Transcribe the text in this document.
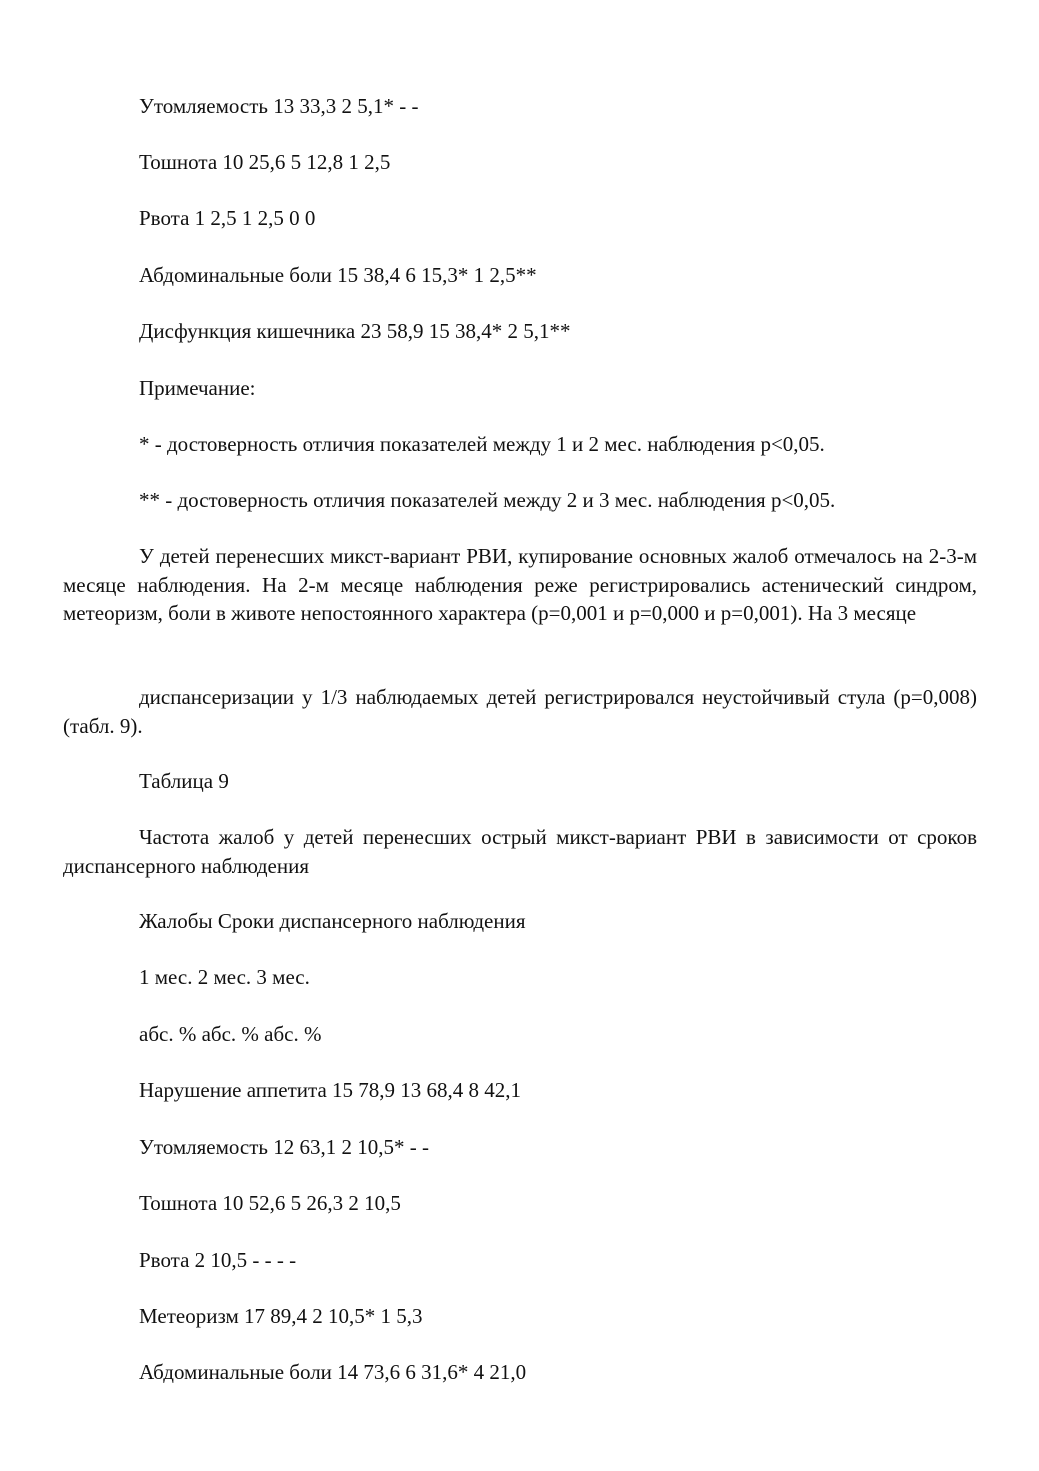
Утомляемость 13 33,3 2 5,1* - -
Тошнота 10 25,6 5 12,8 1 2,5
Рвота 1 2,5 1 2,5 0 0
Абдоминальные боли 15 38,4 6 15,3* 1 2,5**
Дисфункция кишечника 23 58,9 15 38,4* 2 5,1**
Примечание:
* - достоверность отличия показателей между 1 и 2 мес. наблюдения р<0,05.
** - достоверность отличия показателей между 2 и 3 мес. наблюдения р<0,05.
У детей перенесших микст-вариант РВИ, купирование основных жалоб отмечалось на 2-3-м месяце наблюдения. На 2-м месяце наблюдения реже регистрировались астенический синдром, метеоризм, боли в животе непостоянного характера (р=0,001 и р=0,000 и р=0,001). На 3 месяце
диспансеризации у 1/3 наблюдаемых детей регистрировался неустойчивый стула (р=0,008) (табл. 9).
Таблица 9
Частота жалоб у детей перенесших острый микст-вариант РВИ в зависимости от сроков диспансерного наблюдения
Жалобы Сроки диспансерного наблюдения
1 мес. 2 мес. 3 мес.
абс. % абс. % абс. %
Нарушение аппетита 15 78,9 13 68,4 8 42,1
Утомляемость 12 63,1 2 10,5* - -
Тошнота 10 52,6 5 26,3 2 10,5
Рвота 2 10,5 - - - -
Метеоризм 17 89,4 2 10,5* 1 5,3
Абдоминальные боли 14 73,6 6 31,6* 4 21,0
